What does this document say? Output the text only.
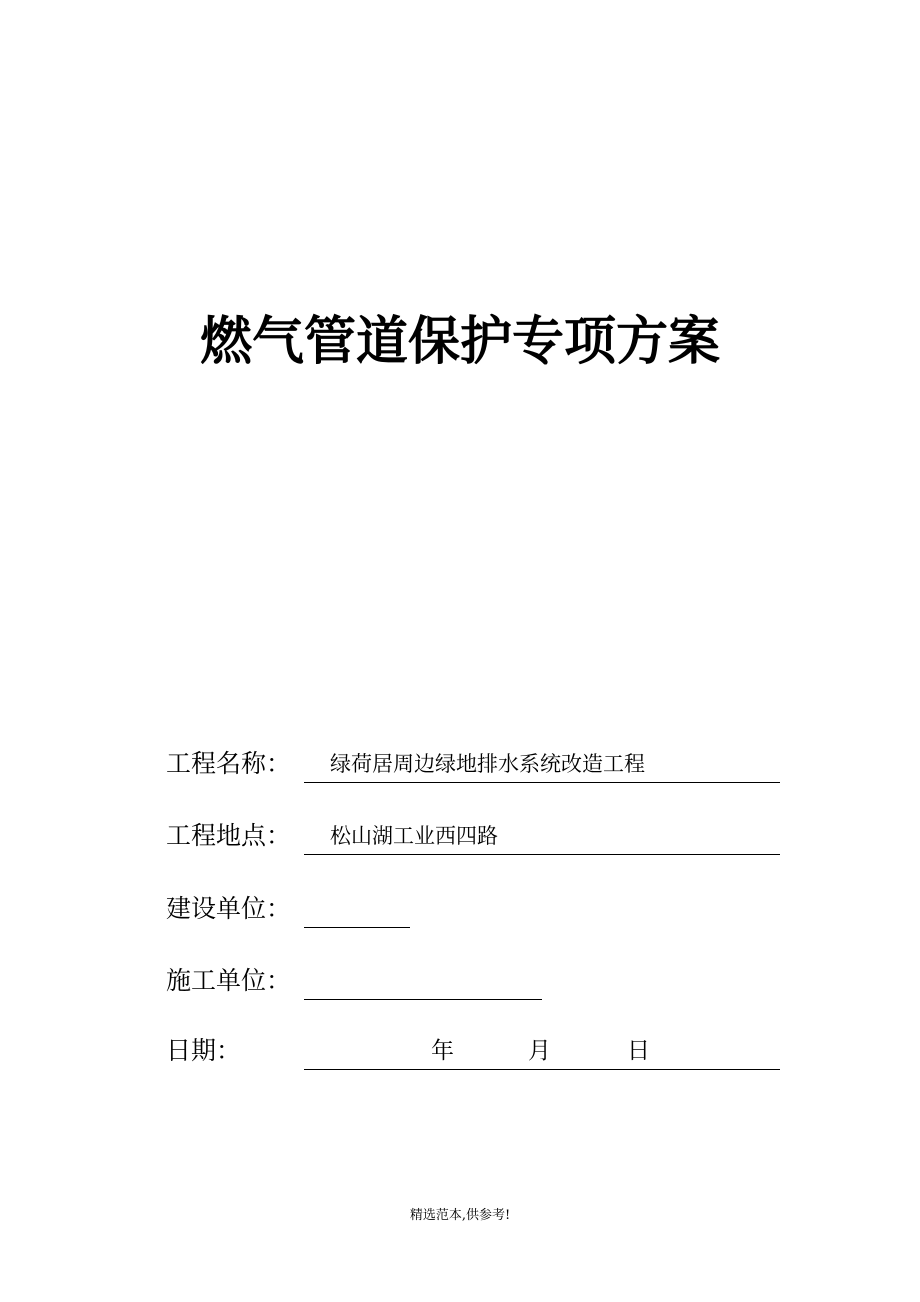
燃气管道保护专项方案
工程名称： 绿荷居周边绿地排水系统改造工程
工程地点： 松山湖工业西四路
建设单位：
施工单位：
日期：	年	月	日
精选范本,供参考!
